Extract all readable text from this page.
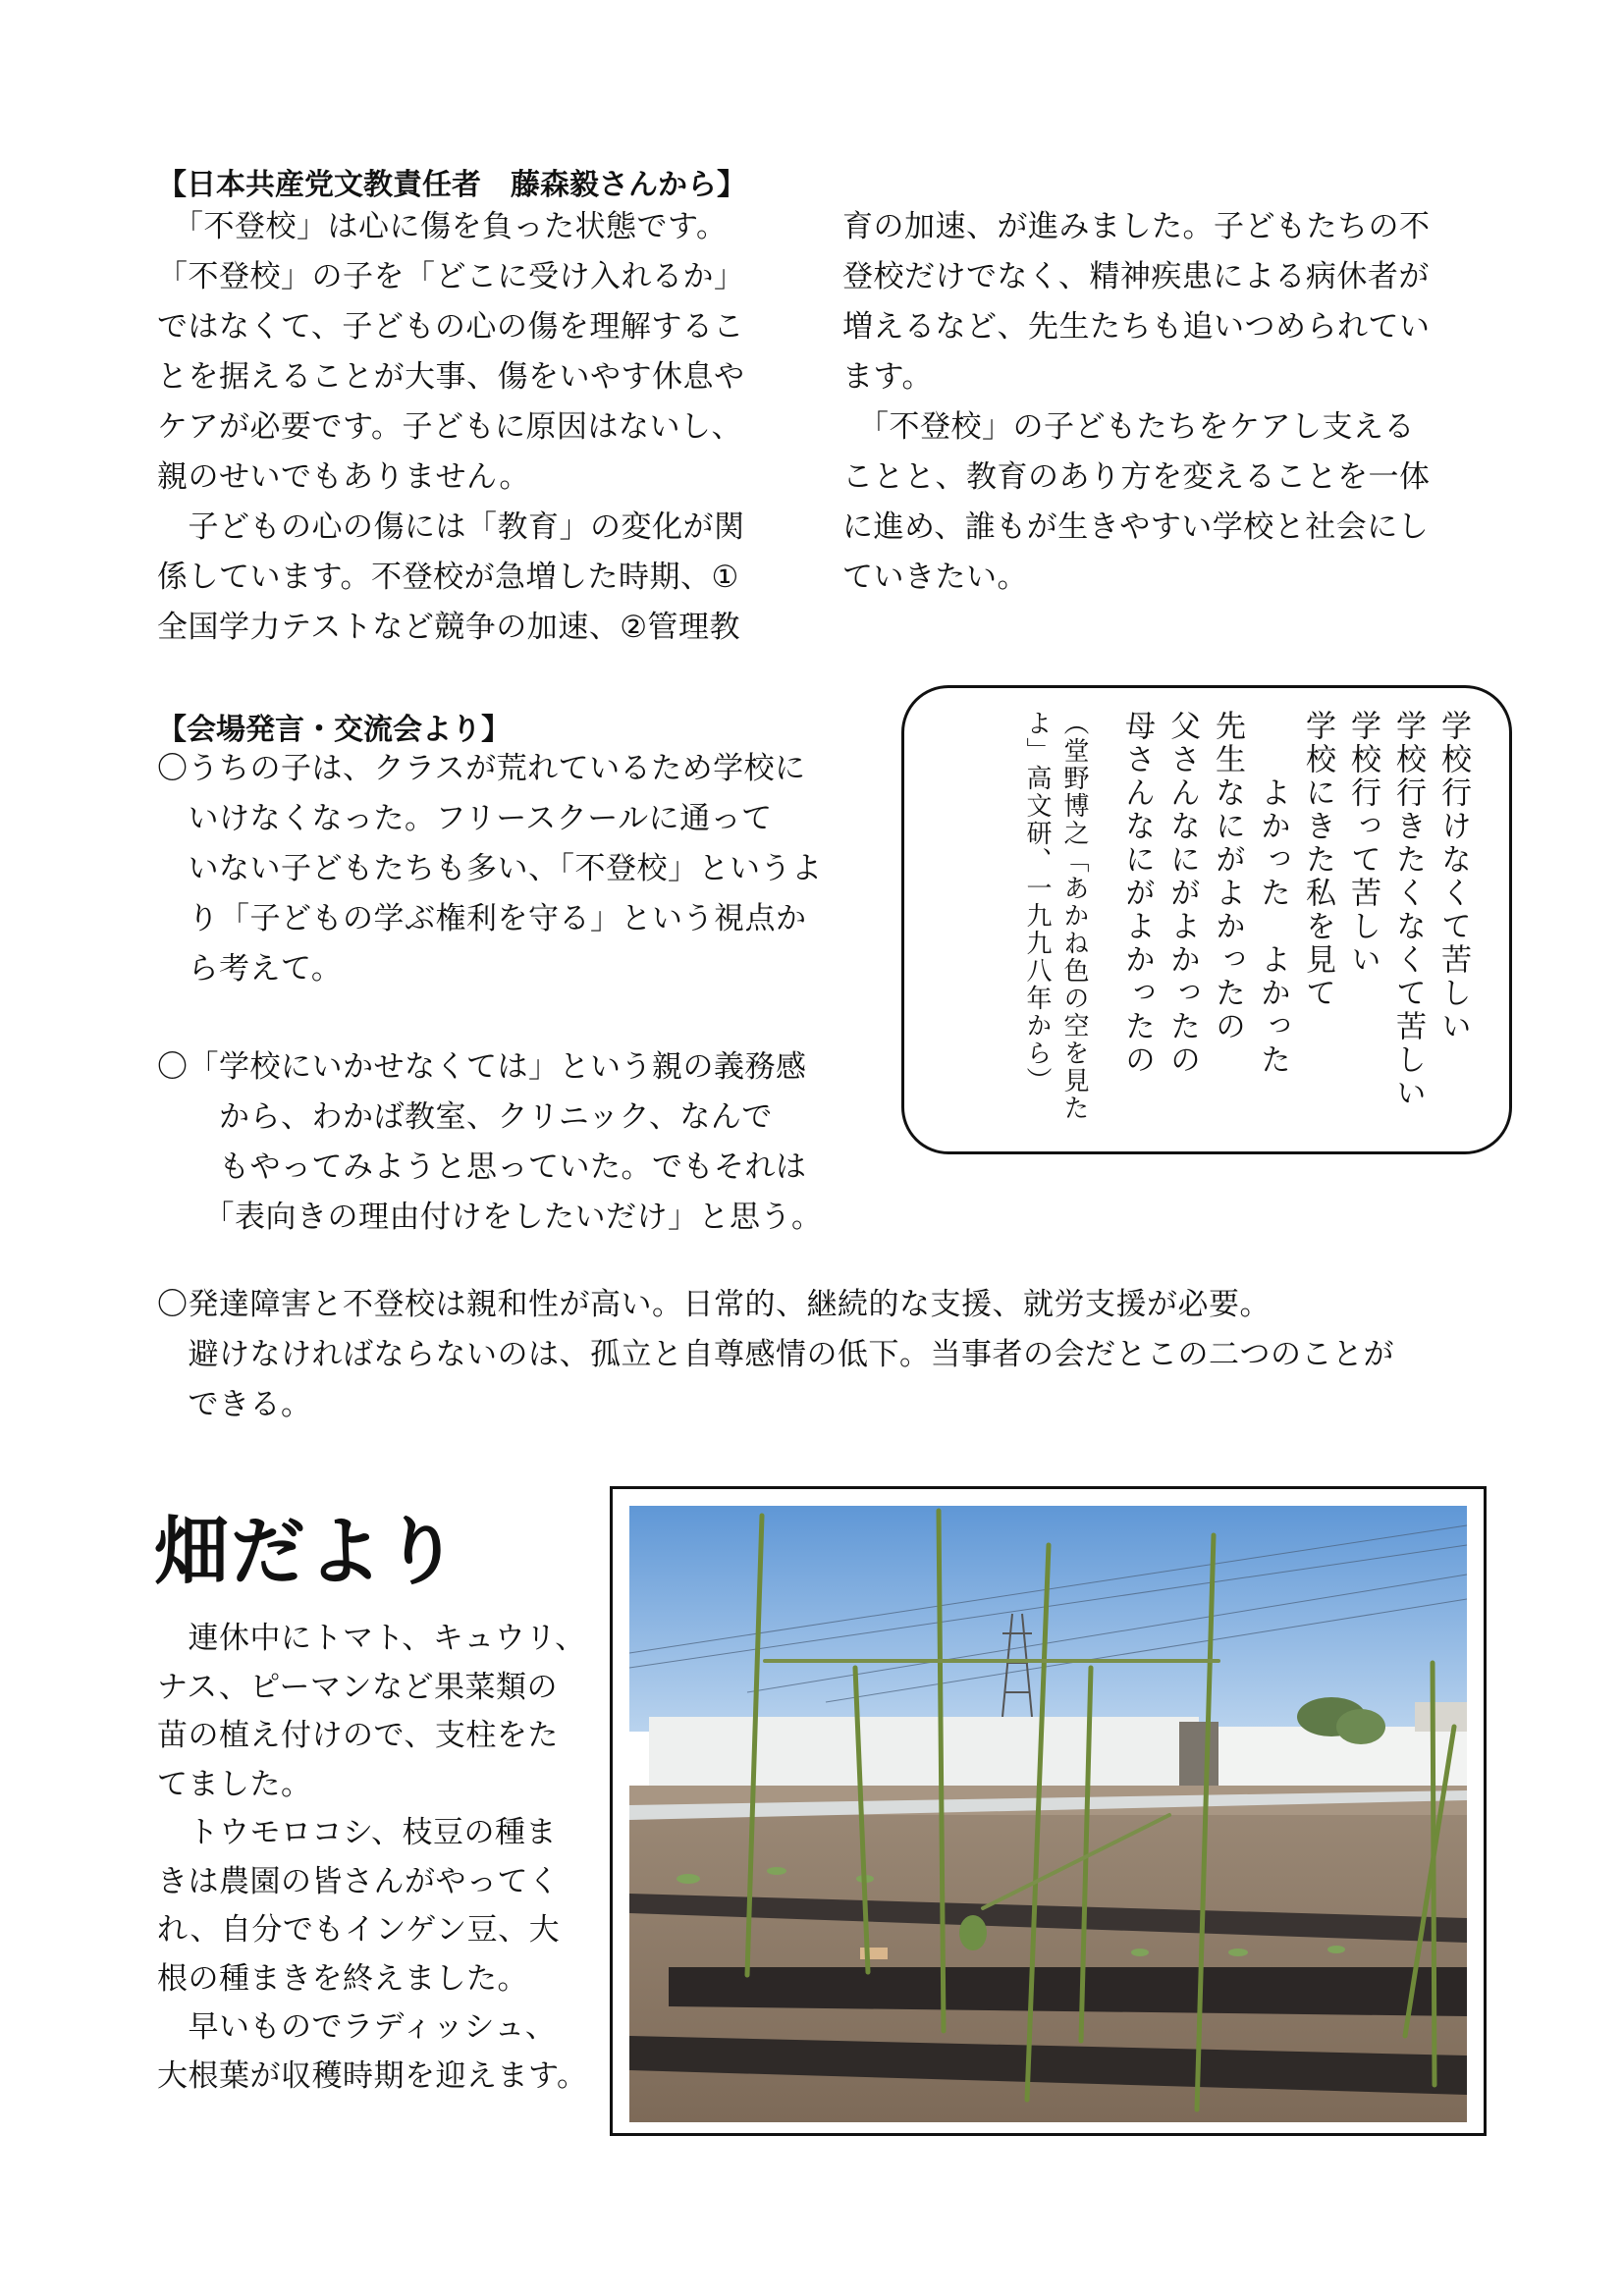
【日本共産党文教責任者　藤森毅さんから】
　「不登校」は心に傷を負った状態です。
「不登校」の子を「どこに受け入れるか」
ではなくて、子どもの心の傷を理解するこ
とを据えることが大事、傷をいやす休息や
ケアが必要です。子どもに原因はないし、
親のせいでもありません。
　子どもの心の傷には「教育」の変化が関
係しています。不登校が急増した時期、①
全国学力テストなど競争の加速、②管理教
育の加速、が進みました。子どもたちの不
登校だけでなく、精神疾患による病休者が
増えるなど、先生たちも追いつめられてい
ます。
　「不登校」の子どもたちをケアし支える
ことと、教育のあり方を変えることを一体
に進め、誰もが生きやすい学校と社会にし
ていきたい。
【会場発言・交流会より】
〇うちの子は、クラスが荒れているため学校に
　いけなくなった。フリースクールに通って
　いない子どもたちも多い、「不登校」というよ
　り「子どもの学ぶ権利を守る」という視点か
　ら考えて。
〇「学校にいかせなくては」という親の義務感
　　から、わかば教室、クリニック、なんで
　　もやってみようと思っていた。でもそれは
　　「表向きの理由付けをしたいだけ」と思う。
〇発達障害と不登校は親和性が高い。日常的、継続的な支援、就労支援が必要。
　避けなければならないのは、孤立と自尊感情の低下。当事者の会だとこの二つのことが
　できる。
学校行けなくて苦しい
学校行きたくなくて苦しい
学校行って苦しい
学校にきた私を見て
　　よかった　よかった
先生なにがよかったの
父さんなにがよかったの
母さんなにがよかったの
（堂野博之「あかね色の空を見た
よ」高文研、一九九八年から）
畑だより
　連休中にトマト、キュウリ、
ナス、ピーマンなど果菜類の
苗の植え付けので、支柱をた
てました。
　トウモロコシ、枝豆の種ま
きは農園の皆さんがやってく
れ、自分でもインゲン豆、大
根の種まきを終えました。
　早いものでラディッシュ、
大根葉が収穫時期を迎えます。
